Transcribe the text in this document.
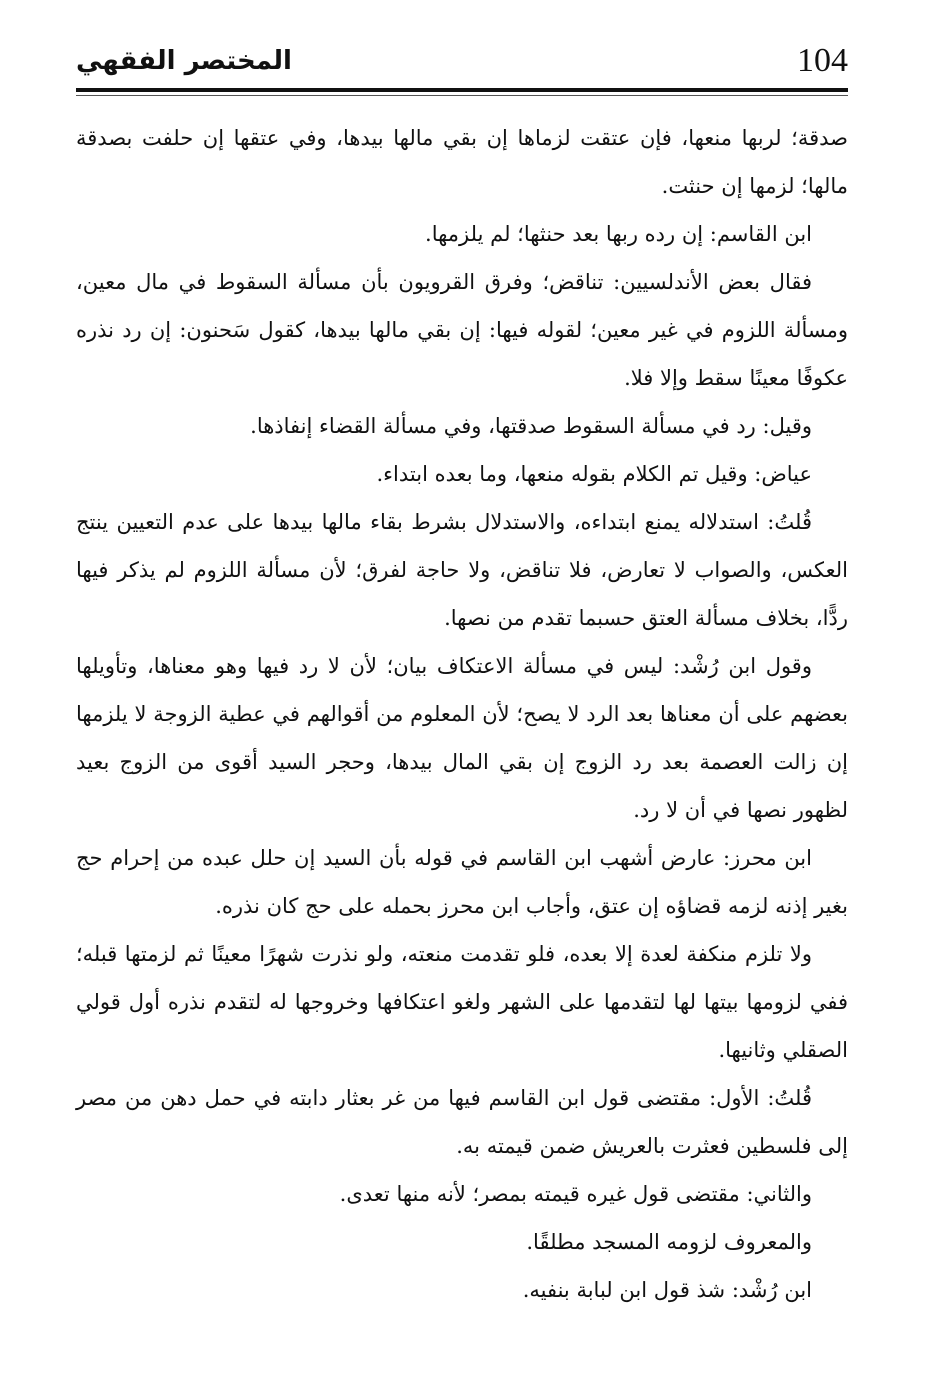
104
المختصر الفقهي

صدقة؛ لربها منعها، فإن عتقت لزماها إن بقي مالها بيدها، وفي عتقها إن حلفت بصدقة مالها؛ لزمها إن حنثت.

ابن القاسم: إن رده ربها بعد حنثها؛ لم يلزمها.

فقال بعض الأندلسيين: تناقض؛ وفرق القرويون بأن مسألة السقوط في مال معين، ومسألة اللزوم في غير معين؛ لقوله فيها: إن بقي مالها بيدها، كقول سَحنون: إن رد نذره عكوفًا معينًا سقط وإلا فلا.

وقيل: رد في مسألة السقوط صدقتها، وفي مسألة القضاء إنفاذها.

عياض: وقيل تم الكلام بقوله منعها، وما بعده ابتداء.

قُلتُ: استدلاله يمنع ابتداءه، والاستدلال بشرط بقاء مالها بيدها على عدم التعيين ينتج العكس، والصواب لا تعارض، فلا تناقض، ولا حاجة لفرق؛ لأن مسألة اللزوم لم يذكر فيها ردًّا، بخلاف مسألة العتق حسبما تقدم من نصها.

وقول ابن رُشْد: ليس في مسألة الاعتكاف بيان؛ لأن لا رد فيها وهو معناها، وتأويلها بعضهم على أن معناها بعد الرد لا يصح؛ لأن المعلوم من أقوالهم في عطية الزوجة لا يلزمها إن زالت العصمة بعد رد الزوج إن بقي المال بيدها، وحجر السيد أقوى من الزوج بعيد لظهور نصها في أن لا رد.

ابن محرز: عارض أشهب ابن القاسم في قوله بأن السيد إن حلل عبده من إحرام حج بغير إذنه لزمه قضاؤه إن عتق، وأجاب ابن محرز بحمله على حج كان نذره.

ولا تلزم منكفة لعدة إلا بعده، فلو تقدمت منعته، ولو نذرت شهرًا معينًا ثم لزمتها قبله؛ ففي لزومها بيتها لها لتقدمها على الشهر ولغو اعتكافها وخروجها له لتقدم نذره أول قولي الصقلي وثانيها.

قُلتُ: الأول: مقتضى قول ابن القاسم فيها من غر بعثار دابته في حمل دهن من مصر إلى فلسطين فعثرت بالعريش ضمن قيمته به.

والثاني: مقتضى قول غيره قيمته بمصر؛ لأنه منها تعدى.

والمعروف لزومه المسجد مطلقًا.

ابن رُشْد: شذ قول ابن لبابة بنفيه.
